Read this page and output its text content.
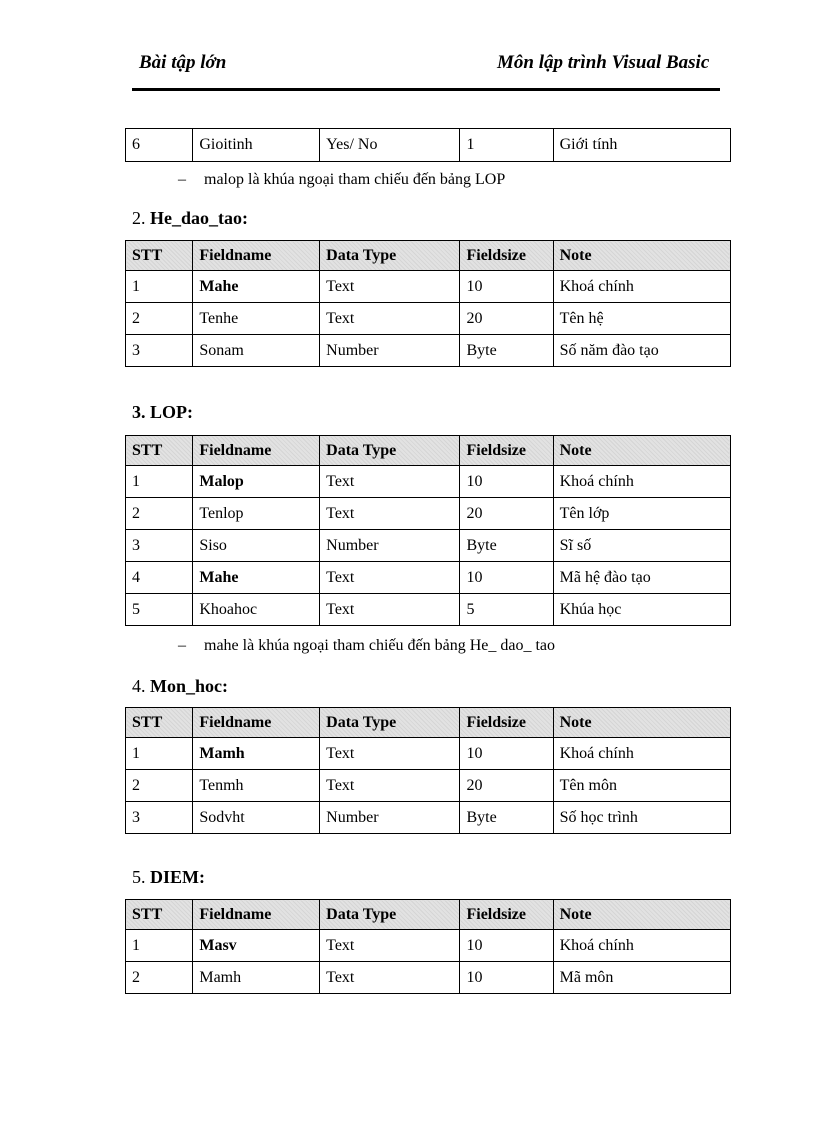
Bài tập lớn	Môn lập trình Visual Basic
6	Gioitinh	Yes/ No	1	Giới tính
– malop là khúa ngoại tham chiếu đến bảng LOP
2. He_dao_tao:
STT	Fieldname	Data Type	Fieldsize	Note
1	Mahe	Text	10	Khoá chính
2	Tenhe	Text	20	Tên hệ
3	Sonam	Number	Byte	Số năm đào tạo
3. LOP:
STT	Fieldname	Data Type	Fieldsize	Note
1	Malop	Text	10	Khoá chính
2	Tenlop	Text	20	Tên lớp
3	Siso	Number	Byte	Sĩ số
4	Mahe	Text	10	Mã hệ đào tạo
5	Khoahoc	Text	5	Khúa học
– mahe là khúa ngoại tham chiếu đến bảng He_ dao_ tao
4. Mon_hoc:
STT	Fieldname	Data Type	Fieldsize	Note
1	Mamh	Text	10	Khoá chính
2	Tenmh	Text	20	Tên môn
3	Sodvht	Number	Byte	Số học trình
5. DIEM:
STT	Fieldname	Data Type	Fieldsize	Note
1	Masv	Text	10	Khoá chính
2	Mamh	Text	10	Mã môn
